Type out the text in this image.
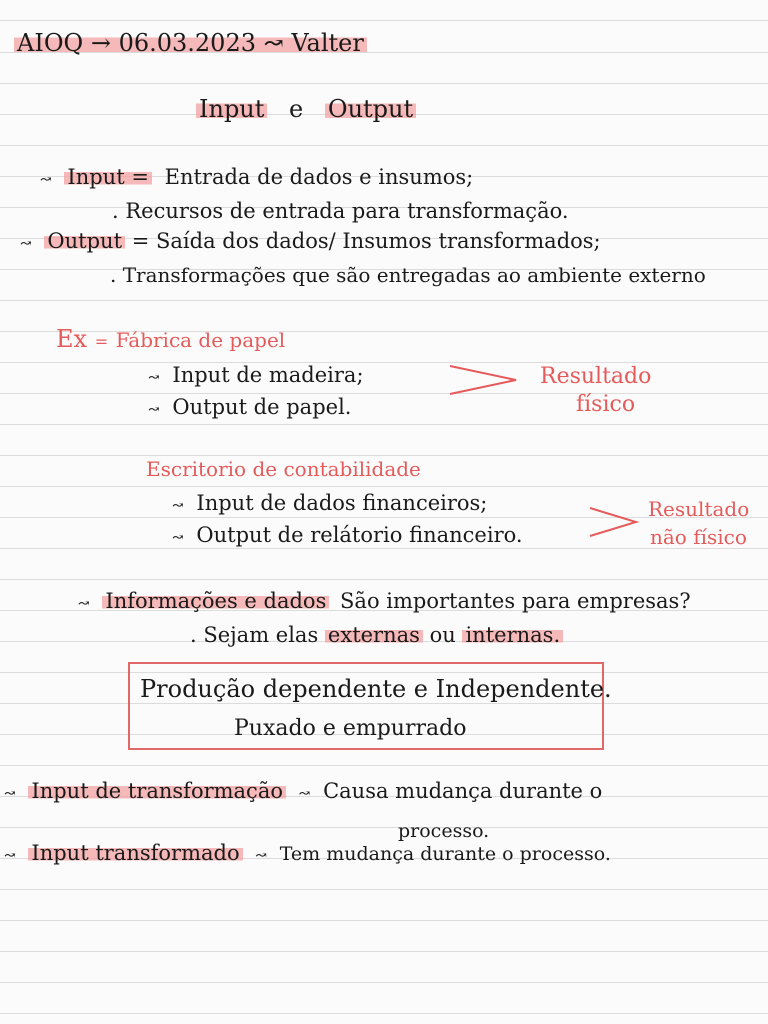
AIOQ → 06.03.2023 ↝ Valter
Input e Output
↝ Input = Entrada de dados e insumos;
. Recursos de entrada para transformação.
↝ Output = Saída dos dados/ Insumos transformados;
. Transformações que são entregadas ao ambiente externo
Ex = Fábrica de papel
↝ Input de madeira;
↝ Output de papel.
Resultado
físico
Escritorio de contabilidade
↝ Input de dados financeiros;
↝ Output de relátorio financeiro.
Resultado
não físico
↝ Informações e dados São importantes para empresas?
. Sejam elas externas ou internas.
Produção dependente e Independente.
Puxado e empurrado
↝ Input de transformação ↝ Causa mudança durante o
processo.
↝ Input transformado ↝ Tem mudança durante o processo.
